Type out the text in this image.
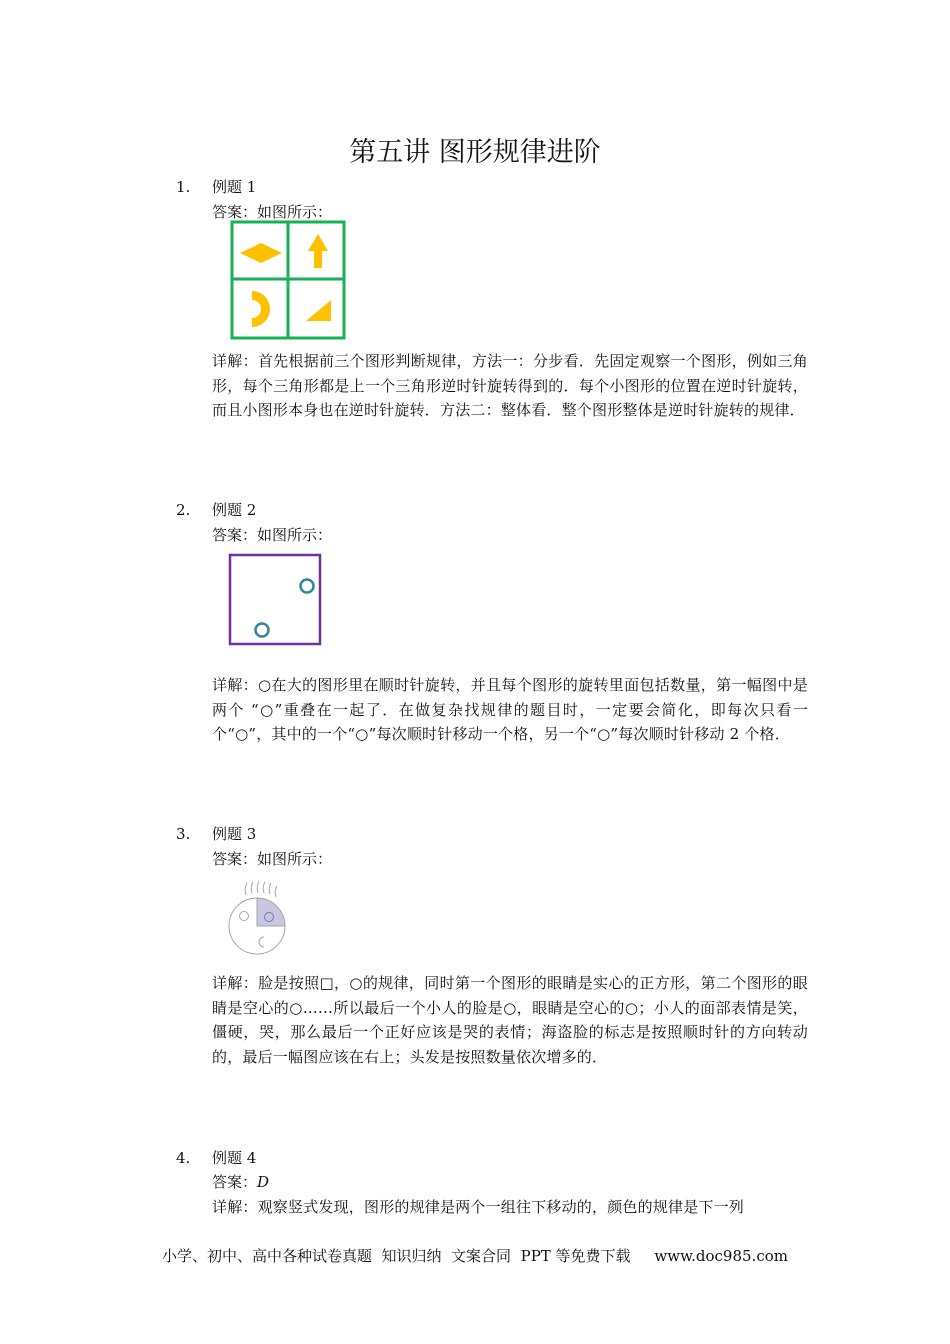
第五讲 图形规律进阶
1. 例题 1
答案：如图所示：
详解：首先根据前三个图形判断规律，方法一：分步看．先固定观察一个图形，例如三角形，每个三角形都是上一个三角形逆时针旋转得到的．每个小图形的位置在逆时针旋转，而且小图形本身也在逆时针旋转．方法二：整体看．整个图形整体是逆时针旋转的规律．
2. 例题 2
答案：如图所示：
详解：○在大的图形里在顺时针旋转，并且每个图形的旋转里面包括数量，第一幅图中是两个 “○”重叠在一起了．在做复杂找规律的题目时，一定要会简化，即每次只看一个“○”，其中的一个“○”每次顺时针移动一个格，另一个“○”每次顺时针移动 2 个格．
3. 例题 3
答案：如图所示：
详解：脸是按照□，○的规律，同时第一个图形的眼睛是实心的正方形，第二个图形的眼睛是空心的○……所以最后一个小人的脸是○，眼睛是空心的○；小人的面部表情是笑，僵硬，哭，那么最后一个正好应该是哭的表情；海盗脸的标志是按照顺时针的方向转动的，最后一幅图应该在右上；头发是按照数量依次增多的．
4. 例题 4
答案：D
详解：观察竖式发现，图形的规律是两个一组往下移动的，颜色的规律是下一列
小学、初中、高中各种试卷真题  知识归纳  文案合同  PPT 等免费下载     www.doc985.com
